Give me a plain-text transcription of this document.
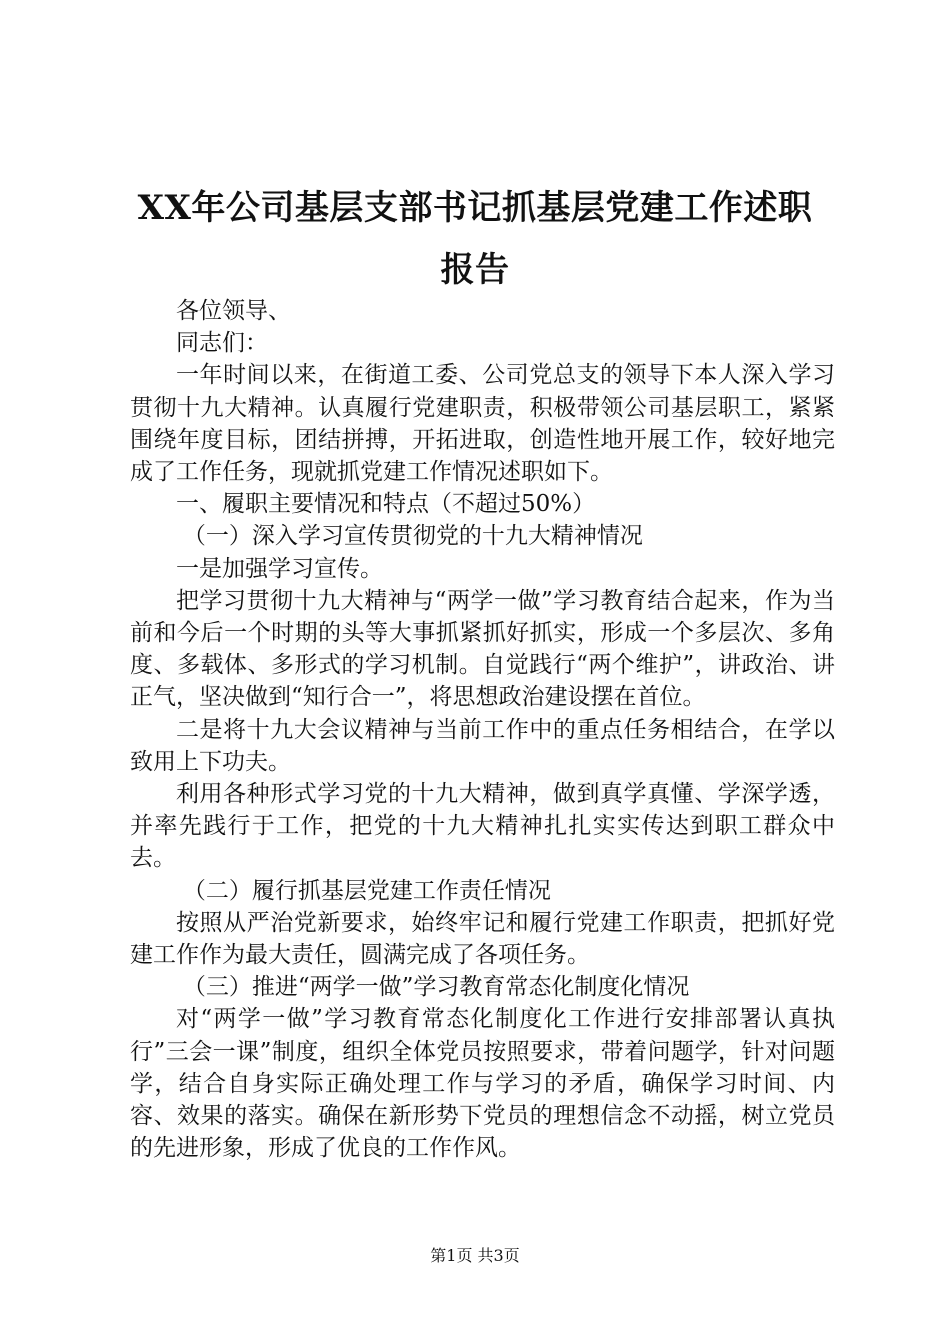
XX年公司基层支部书记抓基层党建工作述职
报告

各位领导、

同志们：

一年时间以来，在街道工委、公司党总支的领导下本人深入学习贯彻十九大精神。认真履行党建职责，积极带领公司基层职工，紧紧围绕年度目标，团结拼搏，开拓进取，创造性地开展工作，较好地完成了工作任务，现就抓党建工作情况述职如下。

一、履职主要情况和特点（不超过50%）

（一）深入学习宣传贯彻党的十九大精神情况

一是加强学习宣传。

把学习贯彻十九大精神与“两学一做”学习教育结合起来，作为当前和今后一个时期的头等大事抓紧抓好抓实，形成一个多层次、多角度、多载体、多形式的学习机制。自觉践行“两个维护”，讲政治、讲正气，坚决做到“知行合一”，将思想政治建设摆在首位。

二是将十九大会议精神与当前工作中的重点任务相结合，在学以致用上下功夫。

利用各种形式学习党的十九大精神，做到真学真懂、学深学透，并率先践行于工作，把党的十九大精神扎扎实实传达到职工群众中去。

（二）履行抓基层党建工作责任情况

按照从严治党新要求，始终牢记和履行党建工作职责，把抓好党建工作作为最大责任，圆满完成了各项任务。

（三）推进“两学一做”学习教育常态化制度化情况

对“两学一做”学习教育常态化制度化工作进行安排部署认真执行”三会一课”制度，组织全体党员按照要求，带着问题学，针对问题学，结合自身实际正确处理工作与学习的矛盾，确保学习时间、内容、效果的落实。确保在新形势下党员的理想信念不动摇，树立党员的先进形象，形成了优良的工作作风。

第1页 共3页
